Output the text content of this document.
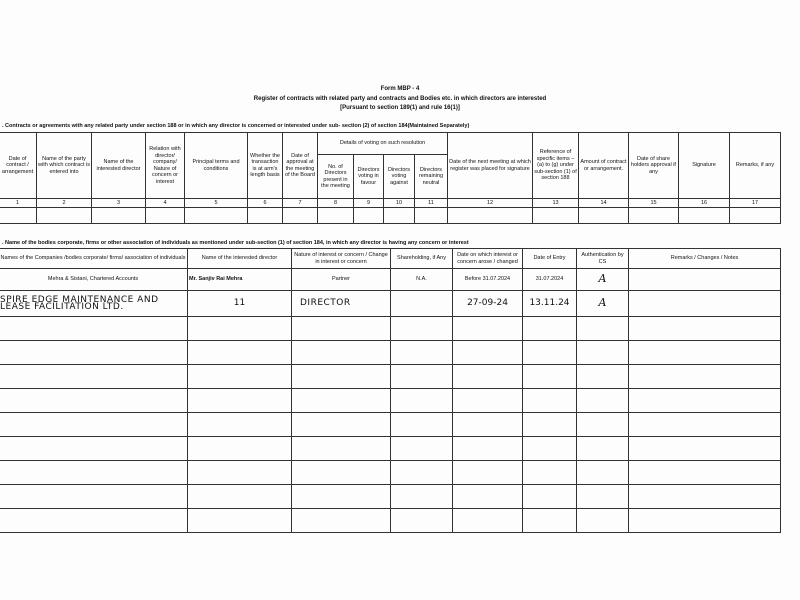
Form MBP - 4
Register of contracts with related party and contracts and Bodies etc. in which directors are interested
[Pursuant to section 189(1) and rule 16(1)]
. Contracts or agreements with any related party under section 188 or in which any director is concerned or interested under sub- section (2) of section 184(Maintained Separately)
Date of contract / arrangement	Name of the party with which contract is entered into	Name of the interested director	Relation with director/ company/ Nature of concern or interest	Principal terms and conditions	Whether the transaction is at arm's length basis	Date of approval at the meeting of the Board	Details of voting on such resolution				Date of the next meeting at which register was placed for signature	Reference of specific items – (a) to (g) under sub-section (1) of section 188	Amount of contract or arrangement.	Date of share holders approval if any	Signature	Remarks, if any
							No. of Directors present in the meeting	Directors voting in favour	Directors voting against	Directors remaining neutral						
1	2	3	4	5	6	7	8	9	10	11	12	13	14	15	16	17

. Name of the bodies corporate, firms or other association of individuals as mentioned under sub-section (1) of section 184, in which any director is having any concern or interest
Names of the Companies /bodies corporate/ firms/ association of individuals	Name of the interested director	Nature of interest or concern / Change in interest or concern	Shareholding, if Any	Date on which interest or concern arose / changed	Date of Entry	Authentication by CS	Remarks / Changes / Notes
Mehra & Sistani, Chartered Accounts	Mr. Sanjiv Rai Mehra	Partner	N.A.	Before 31.07.2024	31.07.2024	A	
SPIRE EDGE MAINTENANCE AND LEASE FACILITATION LTD.	11	DIRECTOR		27-09-24	13.11.24	A	
